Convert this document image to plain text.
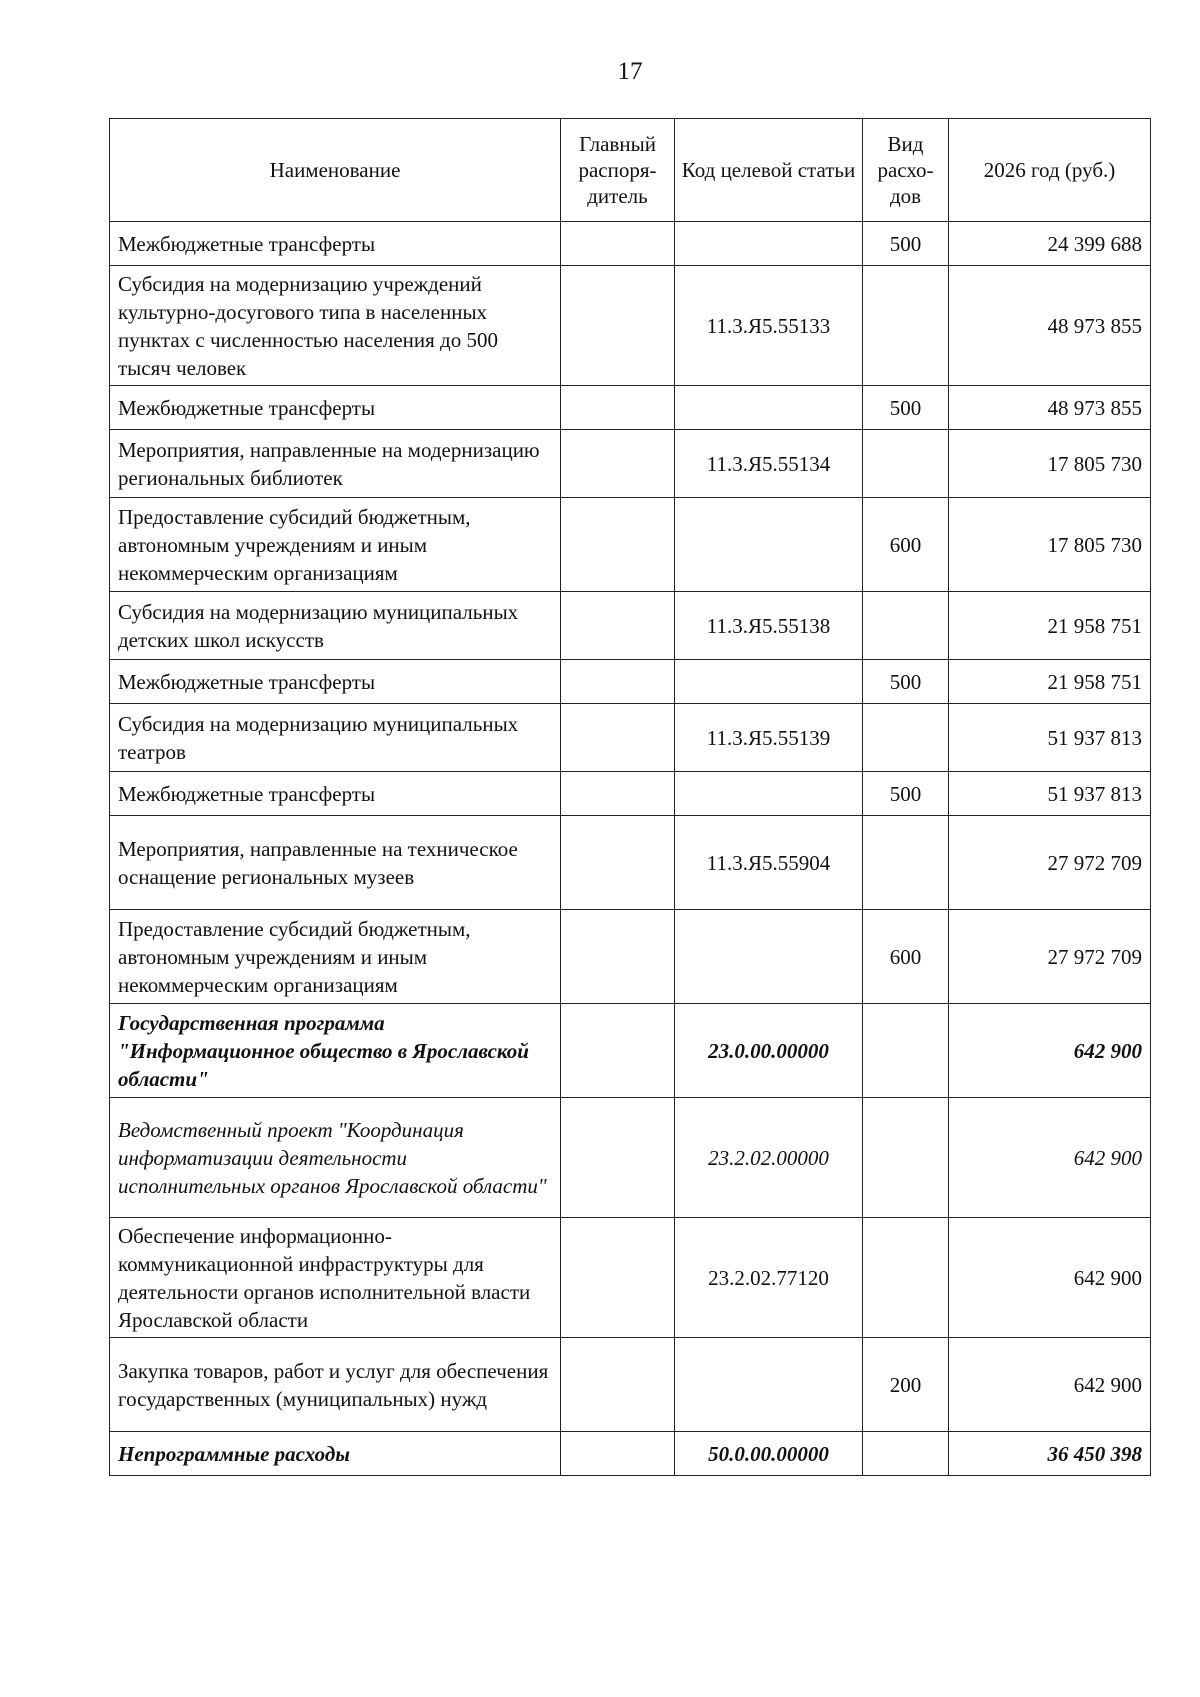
17
Наименование	Главный распоря-дитель	Код целевой статьи	Вид расхо-дов	2026 год (руб.)
Межбюджетные трансферты			500	24 399 688
Субсидия на модернизацию учреждений культурно-досугового типа в населенных пунктах с численностью населения до 500 тысяч человек		11.3.Я5.55133		48 973 855
Межбюджетные трансферты			500	48 973 855
Мероприятия, направленные на модернизацию региональных библиотек		11.3.Я5.55134		17 805 730
Предоставление субсидий бюджетным, автономным учреждениям и иным некоммерческим организациям			600	17 805 730
Субсидия на модернизацию муниципальных детских школ искусств		11.3.Я5.55138		21 958 751
Межбюджетные трансферты			500	21 958 751
Субсидия на модернизацию муниципальных театров		11.3.Я5.55139		51 937 813
Межбюджетные трансферты			500	51 937 813
Мероприятия, направленные на техническое оснащение региональных музеев		11.3.Я5.55904		27 972 709
Предоставление субсидий бюджетным, автономным учреждениям и иным некоммерческим организациям			600	27 972 709
Государственная программа "Информационное общество в Ярославской области"		23.0.00.00000		642 900
Ведомственный проект "Координация информатизации деятельности исполнительных органов Ярославской области"		23.2.02.00000		642 900
Обеспечение информационно-коммуникационной инфраструктуры для деятельности органов исполнительной власти Ярославской области		23.2.02.77120		642 900
Закупка товаров, работ и услуг для обеспечения государственных (муниципальных) нужд			200	642 900
Непрограммные расходы		50.0.00.00000		36 450 398
